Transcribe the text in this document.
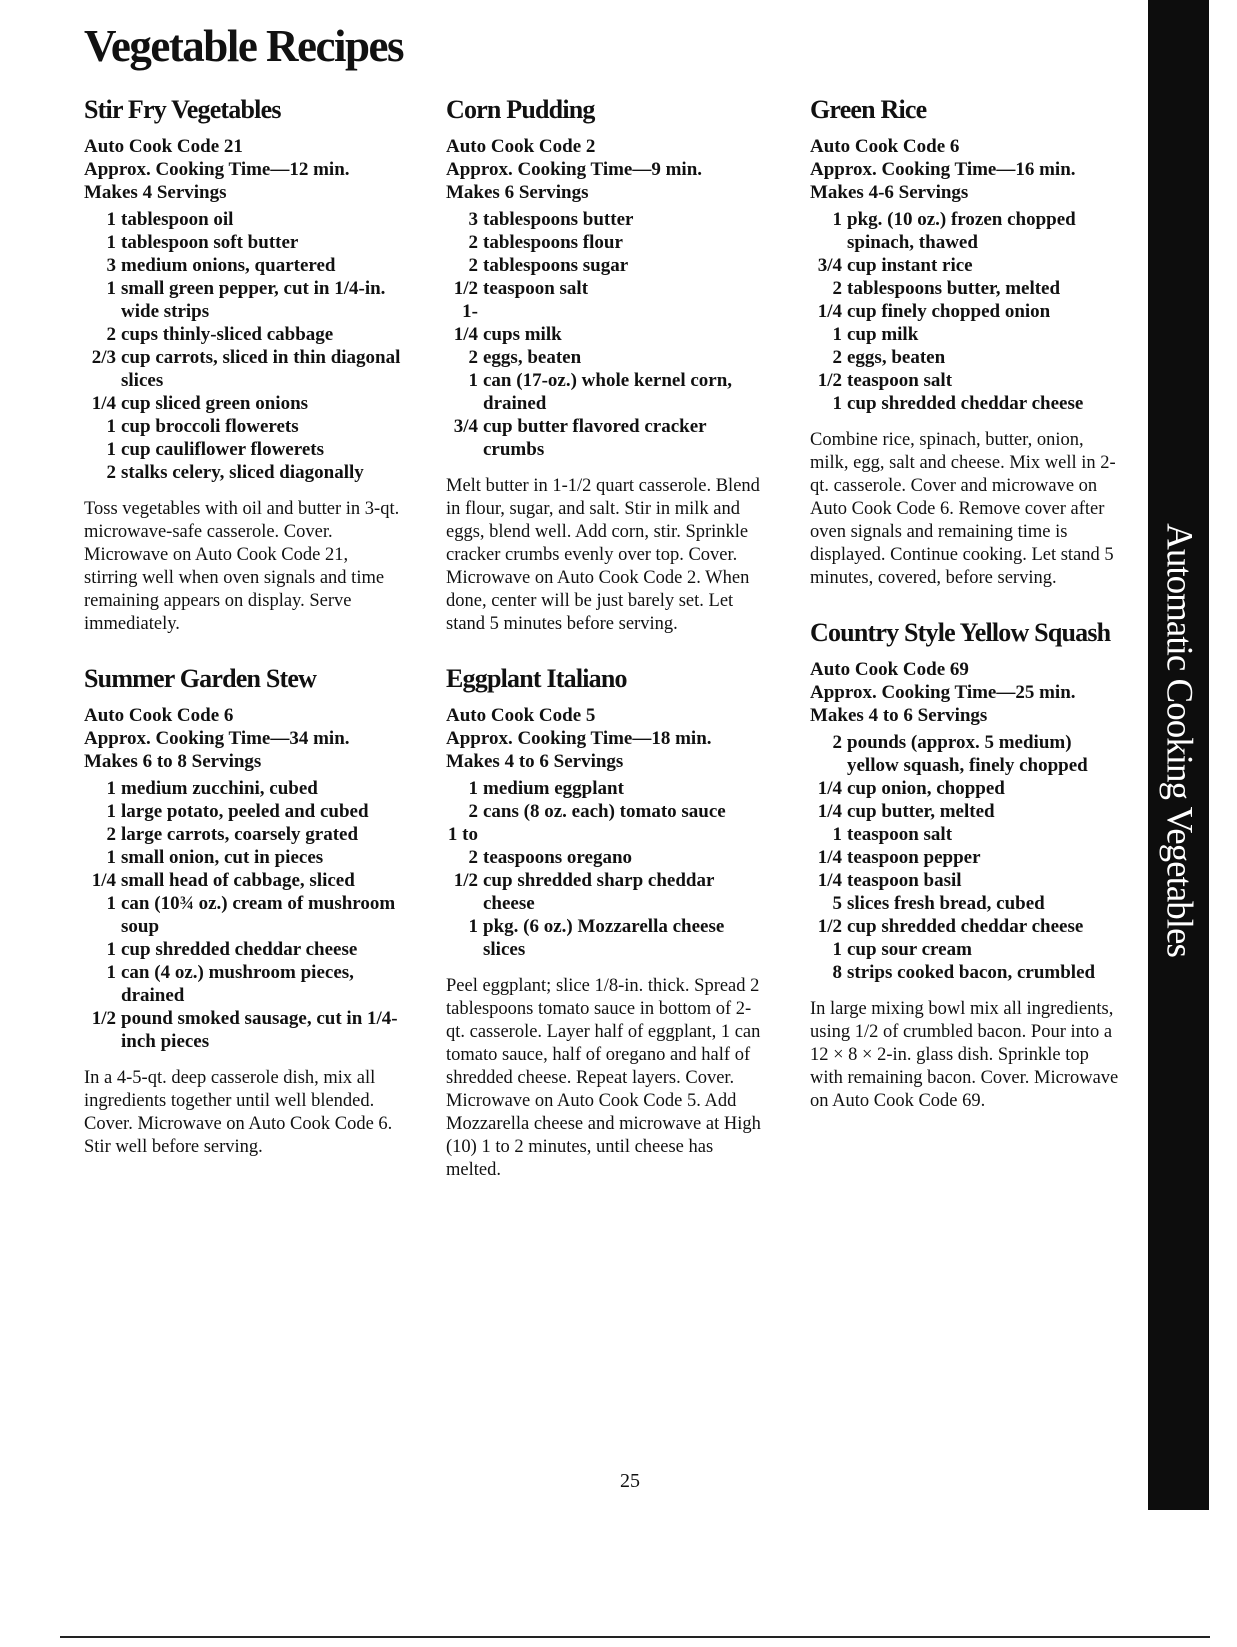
Vegetable Recipes
Stir Fry Vegetables
Auto Cook Code 21
Approx. Cooking Time—12 min.
Makes 4 Servings
1 tablespoon oil
1 tablespoon soft butter
3 medium onions, quartered
1 small green pepper, cut in 1/4-in. wide strips
2 cups thinly-sliced cabbage
2/3 cup carrots, sliced in thin diagonal slices
1/4 cup sliced green onions
1 cup broccoli flowerets
1 cup cauliflower flowerets
2 stalks celery, sliced diagonally

Toss vegetables with oil and butter in 3-qt. microwave-safe casserole. Cover. Microwave on Auto Cook Code 21, stirring well when oven signals and time remaining appears on display. Serve immediately.

Summer Garden Stew
Auto Cook Code 6
Approx. Cooking Time—34 min.
Makes 6 to 8 Servings
1 medium zucchini, cubed
1 large potato, peeled and cubed
2 large carrots, coarsely grated
1 small onion, cut in pieces
1/4 small head of cabbage, sliced
1 can (10¾ oz.) cream of mushroom soup
1 cup shredded cheddar cheese
1 can (4 oz.) mushroom pieces, drained
1/2 pound smoked sausage, cut in 1/4-inch pieces

In a 4-5-qt. deep casserole dish, mix all ingredients together until well blended. Cover. Microwave on Auto Cook Code 6. Stir well before serving.

Corn Pudding
Auto Cook Code 2
Approx. Cooking Time—9 min.
Makes 6 Servings
3 tablespoons butter
2 tablespoons flour
2 tablespoons sugar
1/2 teaspoon salt
1-1/4 cups milk
2 eggs, beaten
1 can (17-oz.) whole kernel corn, drained
3/4 cup butter flavored cracker crumbs

Melt butter in 1-1/2 quart casserole. Blend in flour, sugar, and salt. Stir in milk and eggs, blend well. Add corn, stir. Sprinkle cracker crumbs evenly over top. Cover. Microwave on Auto Cook Code 2. When done, center will be just barely set. Let stand 5 minutes before serving.

Eggplant Italiano
Auto Cook Code 5
Approx. Cooking Time—18 min.
Makes 4 to 6 Servings
1 medium eggplant
2 cans (8 oz. each) tomato sauce
1 to 2 teaspoons oregano
1/2 cup shredded sharp cheddar cheese
1 pkg. (6 oz.) Mozzarella cheese slices

Peel eggplant; slice 1/8-in. thick. Spread 2 tablespoons tomato sauce in bottom of 2-qt. casserole. Layer half of eggplant, 1 can tomato sauce, half of oregano and half of shredded cheese. Repeat layers. Cover. Microwave on Auto Cook Code 5. Add Mozzarella cheese and microwave at High (10) 1 to 2 minutes, until cheese has melted.

Green Rice
Auto Cook Code 6
Approx. Cooking Time—16 min.
Makes 4-6 Servings
1 pkg. (10 oz.) frozen chopped spinach, thawed
3/4 cup instant rice
2 tablespoons butter, melted
1/4 cup finely chopped onion
1 cup milk
2 eggs, beaten
1/2 teaspoon salt
1 cup shredded cheddar cheese

Combine rice, spinach, butter, onion, milk, egg, salt and cheese. Mix well in 2-qt. casserole. Cover and microwave on Auto Cook Code 6. Remove cover after oven signals and remaining time is displayed. Continue cooking. Let stand 5 minutes, covered, before serving.

Country Style Yellow Squash
Auto Cook Code 69
Approx. Cooking Time—25 min.
Makes 4 to 6 Servings
2 pounds (approx. 5 medium) yellow squash, finely chopped
1/4 cup onion, chopped
1/4 cup butter, melted
1 teaspoon salt
1/4 teaspoon pepper
1/4 teaspoon basil
5 slices fresh bread, cubed
1/2 cup shredded cheddar cheese
1 cup sour cream
8 strips cooked bacon, crumbled

In large mixing bowl mix all ingredients, using 1/2 of crumbled bacon. Pour into a 12 × 8 × 2-in. glass dish. Sprinkle top with remaining bacon. Cover. Microwave on Auto Cook Code 69.

Automatic Cooking Vegetables
25
